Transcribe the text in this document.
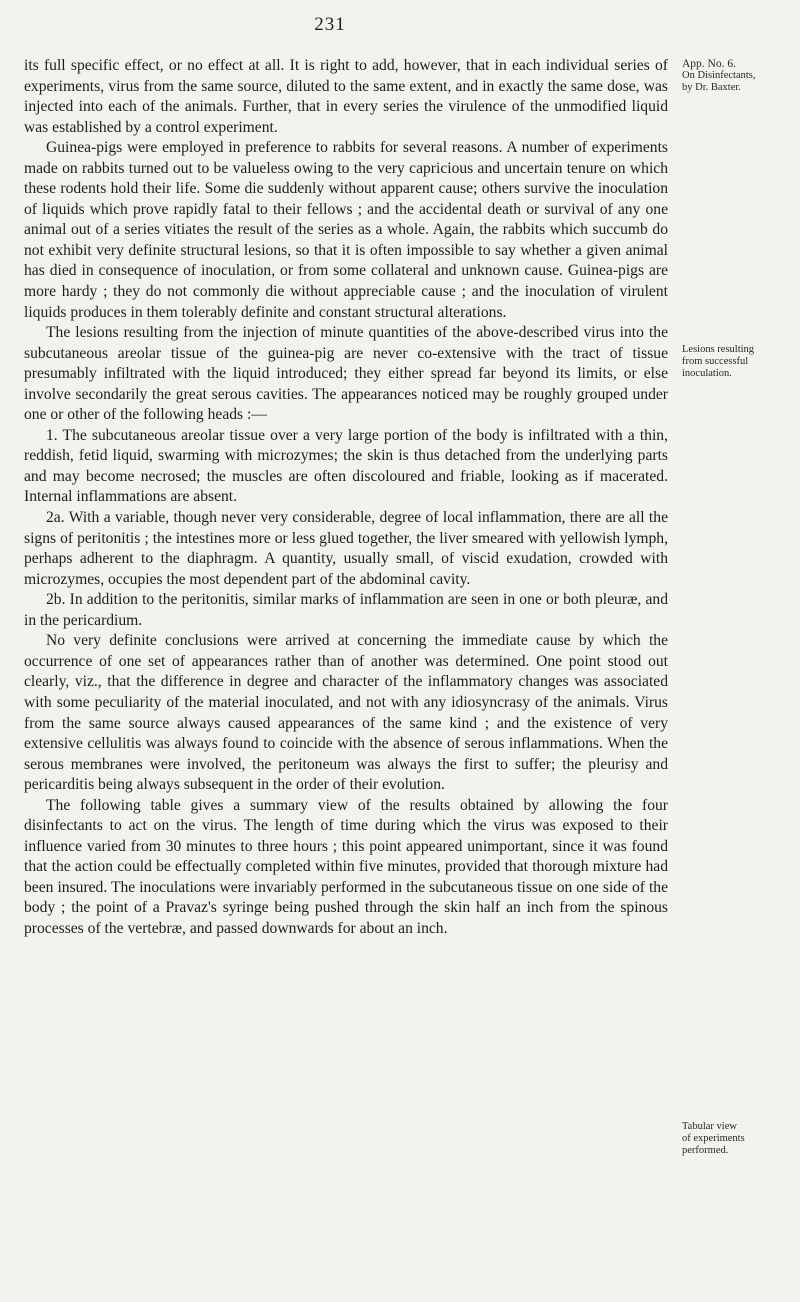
231
App. No. 6.
On Disinfectants,
by Dr. Baxter.
Lesions resulting
from successful
inoculation.
Tabular view
of experiments
performed.

its full specific effect, or no effect at all. It is right to add, however, that in each individual series of experiments, virus from the same source, diluted to the same extent, and in exactly the same dose, was injected into each of the animals. Further, that in every series the virulence of the unmodified liquid was established by a control experiment.

Guinea-pigs were employed in preference to rabbits for several reasons. A number of experiments made on rabbits turned out to be valueless owing to the very capricious and uncertain tenure on which these rodents hold their life. Some die suddenly without apparent cause; others survive the inoculation of liquids which prove rapidly fatal to their fellows ; and the accidental death or survival of any one animal out of a series vitiates the result of the series as a whole. Again, the rabbits which succumb do not exhibit very definite structural lesions, so that it is often impossible to say whether a given animal has died in consequence of inoculation, or from some collateral and unknown cause. Guinea-pigs are more hardy ; they do not commonly die without appreciable cause ; and the inoculation of virulent liquids produces in them tolerably definite and constant structural alterations.

The lesions resulting from the injection of minute quantities of the above-described virus into the subcutaneous areolar tissue of the guinea-pig are never co-extensive with the tract of tissue presumably infiltrated with the liquid introduced; they either spread far beyond its limits, or else involve secondarily the great serous cavities. The appearances noticed may be roughly grouped under one or other of the following heads :—

1. The subcutaneous areolar tissue over a very large portion of the body is infiltrated with a thin, reddish, fetid liquid, swarming with microzymes; the skin is thus detached from the underlying parts and may become necrosed; the muscles are often discoloured and friable, looking as if macerated. Internal inflammations are absent.

2a. With a variable, though never very considerable, degree of local inflammation, there are all the signs of peritonitis ; the intestines more or less glued together, the liver smeared with yellowish lymph, perhaps adherent to the diaphragm. A quantity, usually small, of viscid exudation, crowded with microzymes, occupies the most dependent part of the abdominal cavity.

2b. In addition to the peritonitis, similar marks of inflammation are seen in one or both pleuræ, and in the pericardium.

No very definite conclusions were arrived at concerning the immediate cause by which the occurrence of one set of appearances rather than of another was determined. One point stood out clearly, viz., that the difference in degree and character of the inflammatory changes was associated with some peculiarity of the material inoculated, and not with any idiosyncrasy of the animals. Virus from the same source always caused appearances of the same kind ; and the existence of very extensive cellulitis was always found to coincide with the absence of serous inflammations. When the serous membranes were involved, the peritoneum was always the first to suffer; the pleurisy and pericarditis being always subsequent in the order of their evolution.

The following table gives a summary view of the results obtained by allowing the four disinfectants to act on the virus. The length of time during which the virus was exposed to their influence varied from 30 minutes to three hours ; this point appeared unimportant, since it was found that the action could be effectually completed within five minutes, provided that thorough mixture had been insured. The inoculations were invariably performed in the subcutaneous tissue on one side of the body ; the point of a Pravaz's syringe being pushed through the skin half an inch from the spinous processes of the vertebræ, and passed downwards for about an inch.
